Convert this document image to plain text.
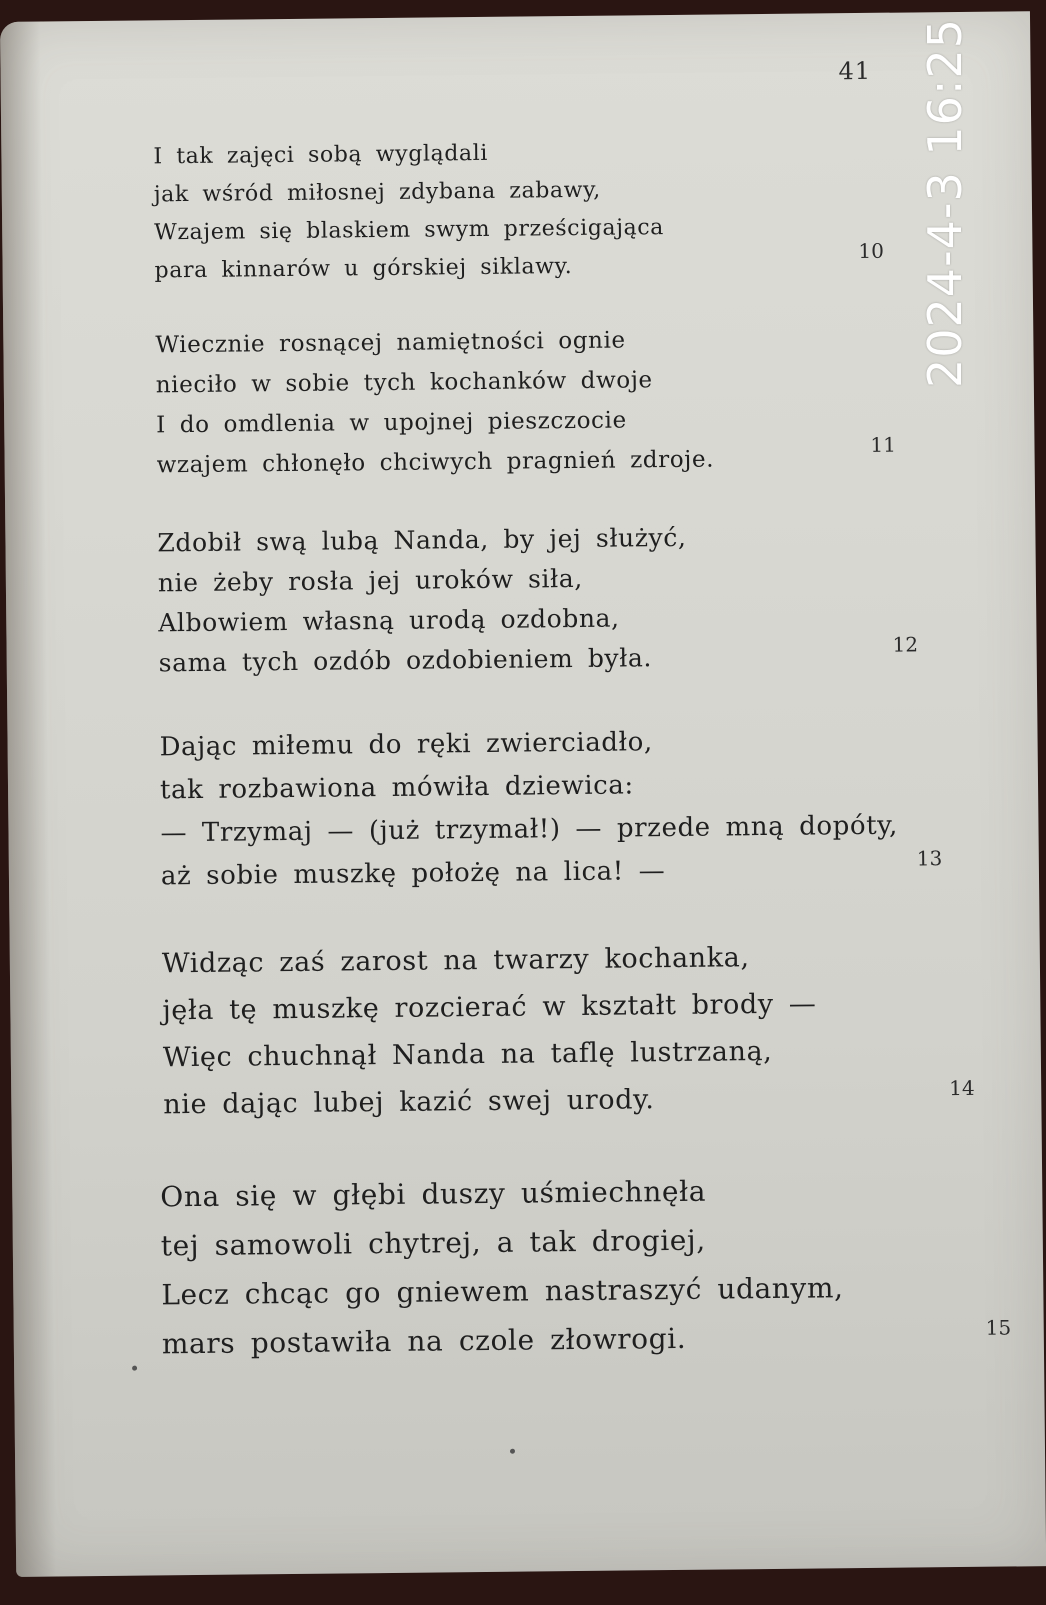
41
I tak zajęci sobą wyglądali
jak wśród miłosnej zdybana zabawy,
Wzajem się blaskiem swym prześcigająca
para kinnarów u górskiej siklawy.
10
Wiecznie rosnącej namiętności ognie
nieciło w sobie tych kochanków dwoje
I do omdlenia w upojnej pieszczocie
wzajem chłonęło chciwych pragnień zdroje.
11
Zdobił swą lubą Nanda, by jej służyć,
nie żeby rosła jej uroków siła,
Albowiem własną urodą ozdobna,
sama tych ozdób ozdobieniem była.	12
Dając miłemu do ręki zwierciadło,
tak rozbawiona mówiła dziewica:
— Trzymaj — (już trzymał!) — przede mną dopóty,
aż sobie muszkę położę na lica! —	13
Widząc zaś zarost na twarzy kochanka,
jęła tę muszkę rozcierać w kształt brody —
Więc chuchnął Nanda na taflę lustrzaną,
nie dając lubej kazić swej urody.	14
Ona się w głębi duszy uśmiechnęła
tej samowoli chytrej, a tak drogiej,
Lecz chcąc go gniewem nastraszyć udanym,
mars postawiła na czole złowrogi.	15
2024-4-3 16:25
